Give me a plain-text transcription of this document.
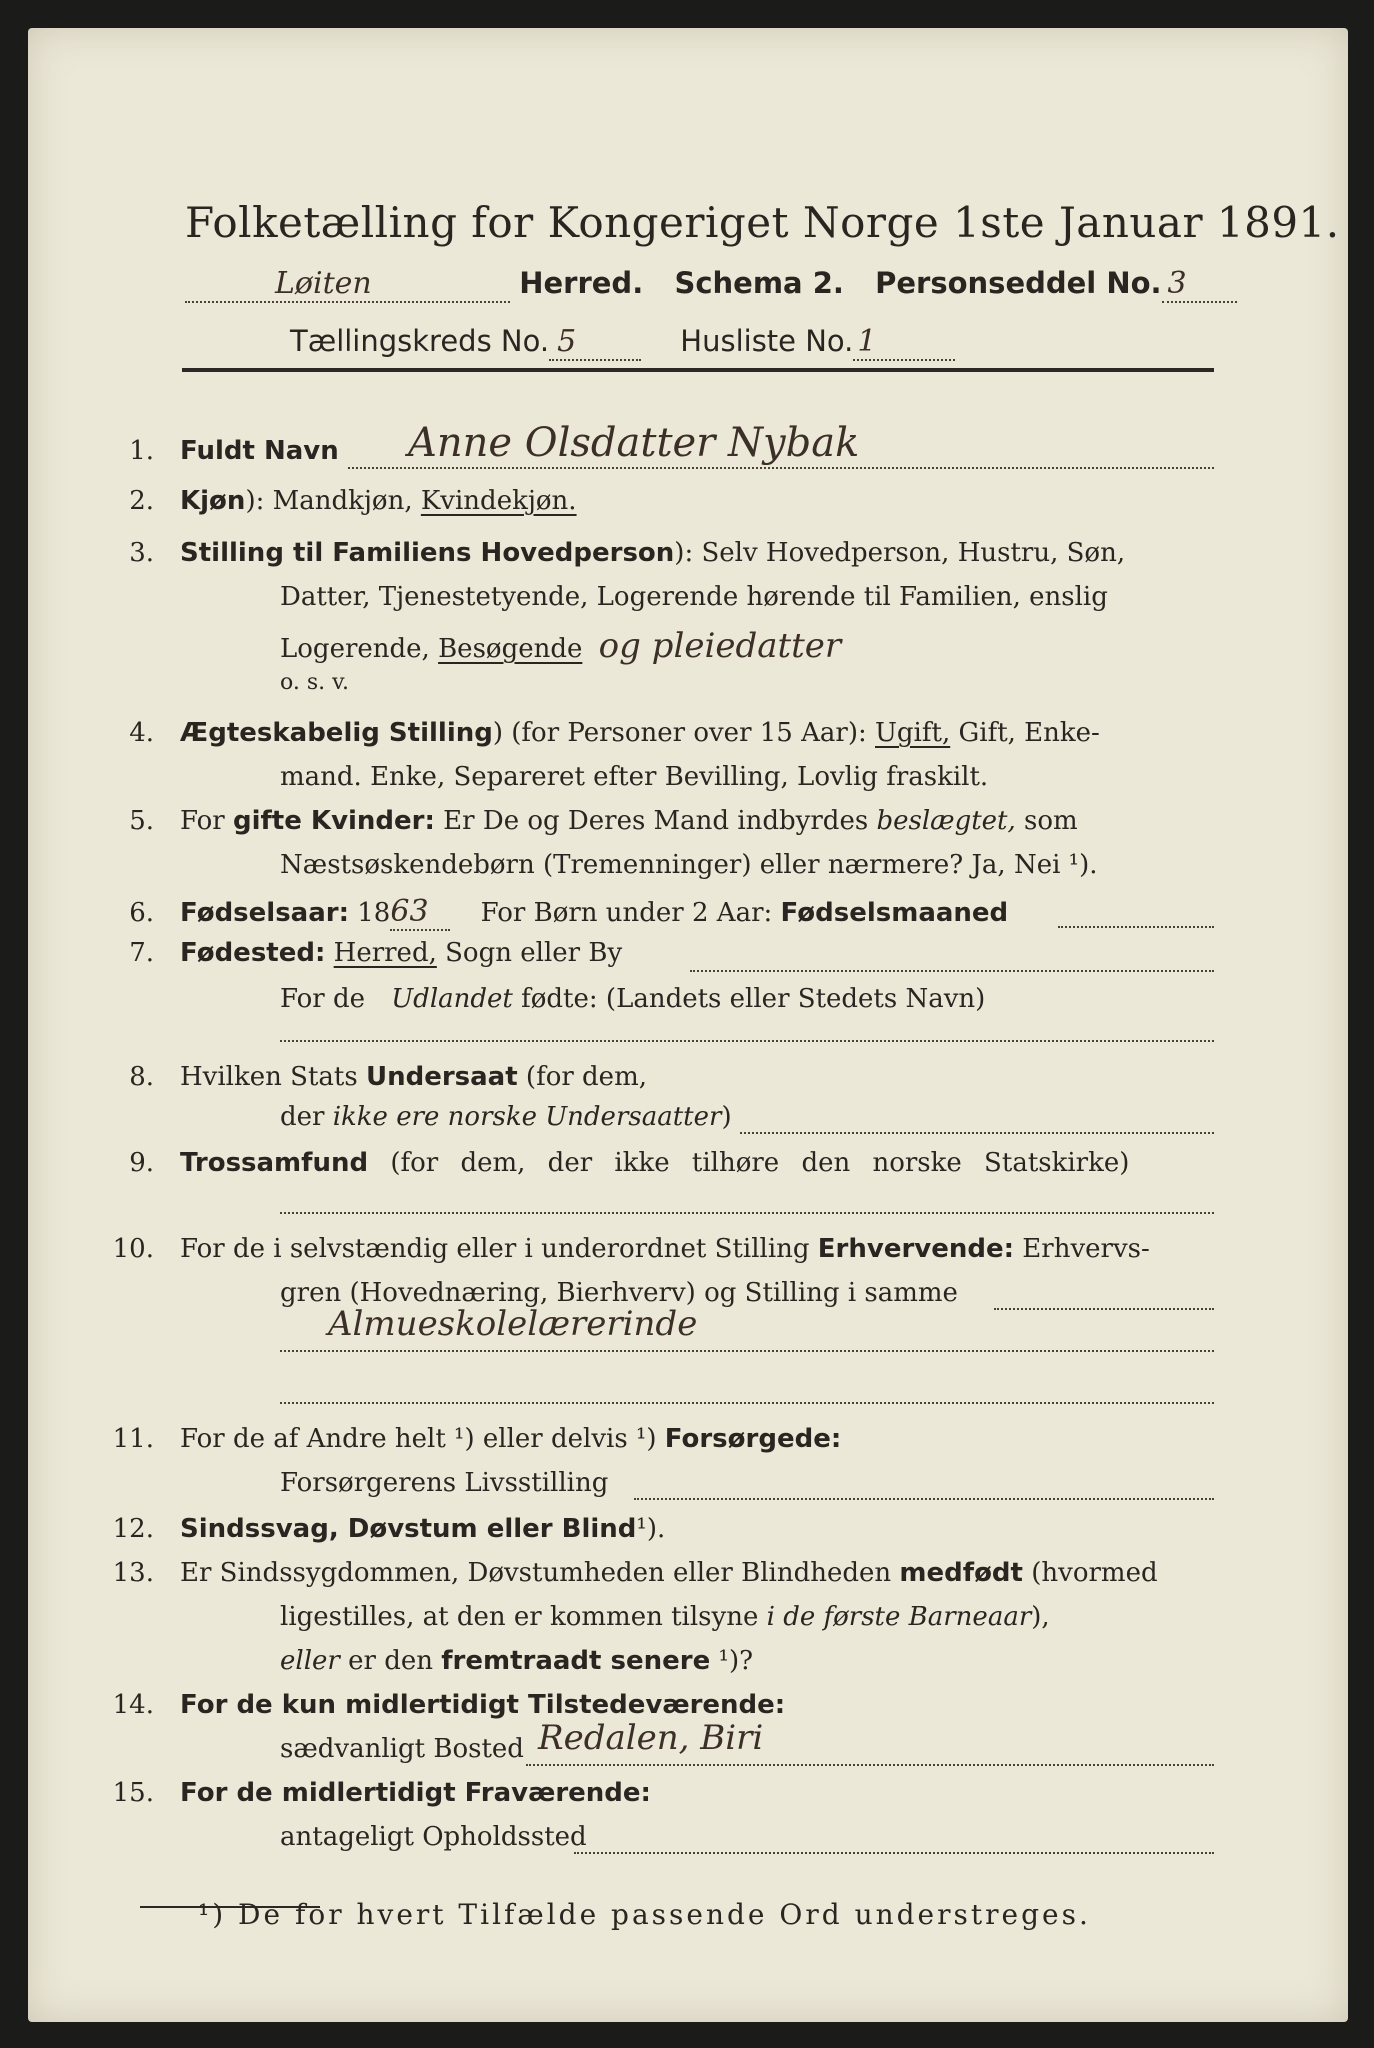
Folketælling for Kongeriget Norge 1ste Januar 1891.
Løiten	Herred. Schema 2. Personseddel No. 3
Tællingskreds No. 5	Husliste No. 1
1. Fuldt Navn Anne Olsdatter Nybak
2. Kjøn): Mandkjøn, Kvindekjøn.
3. Stilling til Familiens Hovedperson): Selv Hovedperson, Hustru, Søn,
Datter, Tjenestetyende, Logerende hørende til Familien, enslig
Logerende, Besøgende og pleiedatter
o. s. v.
4. Ægteskabelig Stilling) (for Personer over 15 Aar): Ugift, Gift, Enke-
mand. Enke, Separeret efter Bevilling, Lovlig fraskilt.
5. For gifte Kvinder: Er De og Deres Mand indbyrdes beslægtet, som
Næstsøskendebørn (Tremenninger) eller nærmere? Ja, Nei ¹).
6. Fødselsaar: 1863 For Børn under 2 Aar: Fødselsmaaned
7. Fødested: Herred, Sogn eller By
For de Udlandet fødte: (Landets eller Stedets Navn)
8. Hvilken Stats Undersaat (for dem,
der ikke ere norske Undersaatter)
9. Trossamfund (for dem, der ikke tilhøre den norske Statskirke)
10. For de i selvstændig eller i underordnet Stilling Erhvervende: Erhvervs-
gren (Hovednæring, Bierhverv) og Stilling i samme
Almueskolelærerinde
11. For de af Andre helt ¹) eller delvis ¹) Forsørgede:
Forsørgerens Livsstilling
12. Sindssvag, Døvstum eller Blind¹).
13. Er Sindssygdommen, Døvstumheden eller Blindheden medfødt (hvormed
ligestilles, at den er kommen tilsyne i de første Barneaar),
eller er den fremtraadt senere ¹)?
14. For de kun midlertidigt Tilstedeværende:
sædvanligt Bosted Redalen, Biri
15. For de midlertidigt Fraværende:
antageligt Opholdssted
¹) De for hvert Tilfælde passende Ord understreges.
